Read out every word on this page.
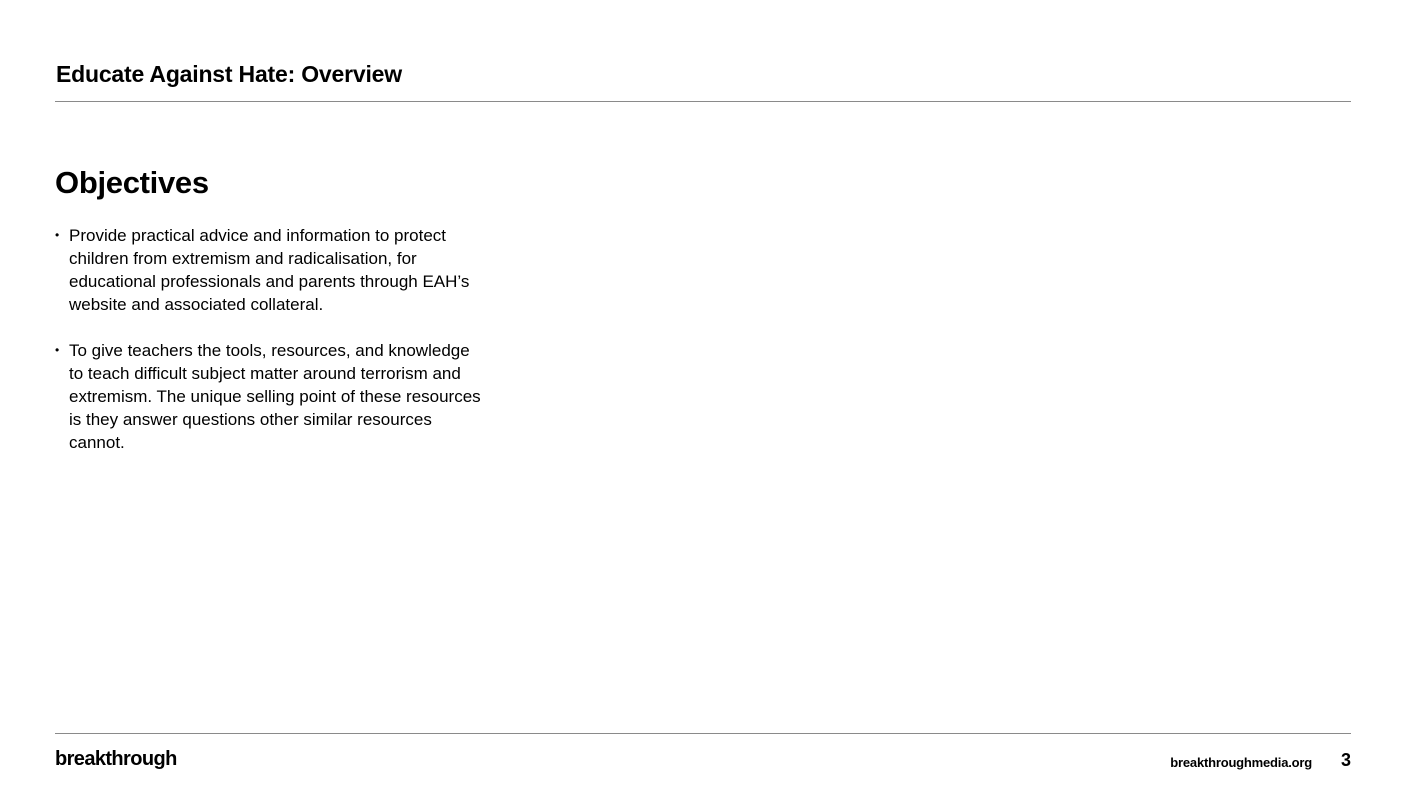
Educate Against Hate: Overview
Objectives
• Provide practical advice and information to protect children from extremism and radicalisation, for educational professionals and parents through EAH’s website and associated collateral.
• To give teachers the tools, resources, and knowledge to teach difficult subject matter around terrorism and extremism. The unique selling point of these resources is they answer questions other similar resources cannot.
breakthrough	breakthroughmedia.org 3
